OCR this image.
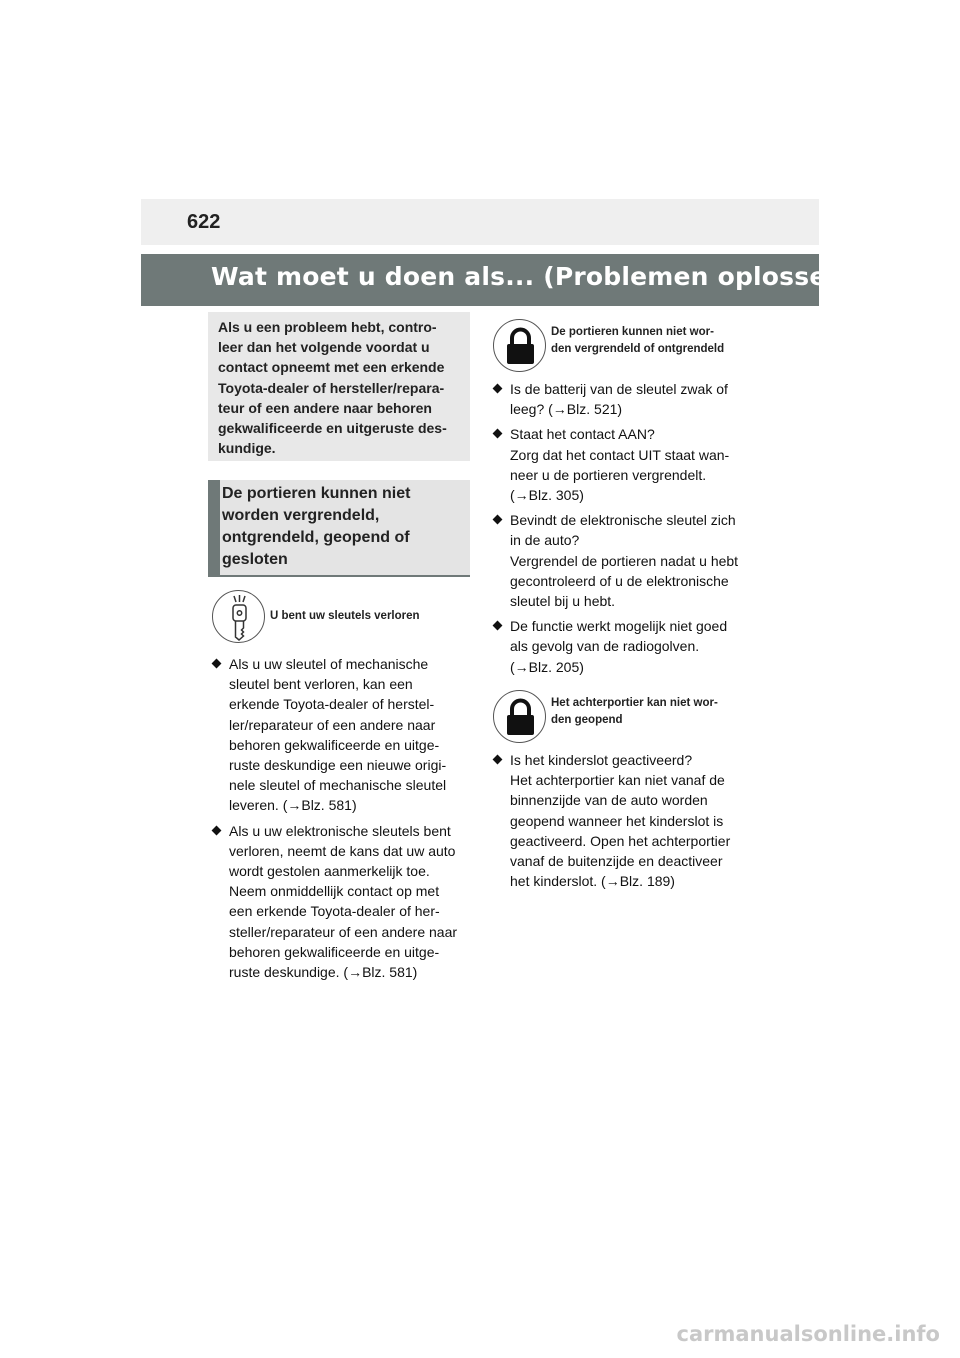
622
Wat moet u doen als... (Problemen oplossen)
Als u een probleem hebt, contro-
leer dan het volgende voordat u
contact opneemt met een erkende
Toyota-dealer of hersteller/repara-
teur of een andere naar behoren
gekwalificeerde en uitgeruste des-
kundige.
De portieren kunnen niet
worden vergrendeld,
ontgrendeld, geopend of
gesloten
U bent uw sleutels verloren
Als u uw sleutel of mechanische
sleutel bent verloren, kan een
erkende Toyota-dealer of herstel-
ler/reparateur of een andere naar
behoren gekwalificeerde en uitge-
ruste deskundige een nieuwe origi-
nele sleutel of mechanische sleutel
leveren. (→Blz. 581)
Als u uw elektronische sleutels bent
verloren, neemt de kans dat uw auto
wordt gestolen aanmerkelijk toe.
Neem onmiddellijk contact op met
een erkende Toyota-dealer of her-
steller/reparateur of een andere naar
behoren gekwalificeerde en uitge-
ruste deskundige. (→Blz. 581)
De portieren kunnen niet wor-
den vergrendeld of ontgrendeld
Is de batterij van de sleutel zwak of
leeg? (→Blz. 521)
Staat het contact AAN?
Zorg dat het contact UIT staat wan-
neer u de portieren vergrendelt.
(→Blz. 305)
Bevindt de elektronische sleutel zich
in de auto?
Vergrendel de portieren nadat u hebt
gecontroleerd of u de elektronische
sleutel bij u hebt.
De functie werkt mogelijk niet goed
als gevolg van de radiogolven.
(→Blz. 205)
Het achterportier kan niet wor-
den geopend
Is het kinderslot geactiveerd?
Het achterportier kan niet vanaf de
binnenzijde van de auto worden
geopend wanneer het kinderslot is
geactiveerd. Open het achterportier
vanaf de buitenzijde en deactiveer
het kinderslot. (→Blz. 189)
carmanualsonline.info
